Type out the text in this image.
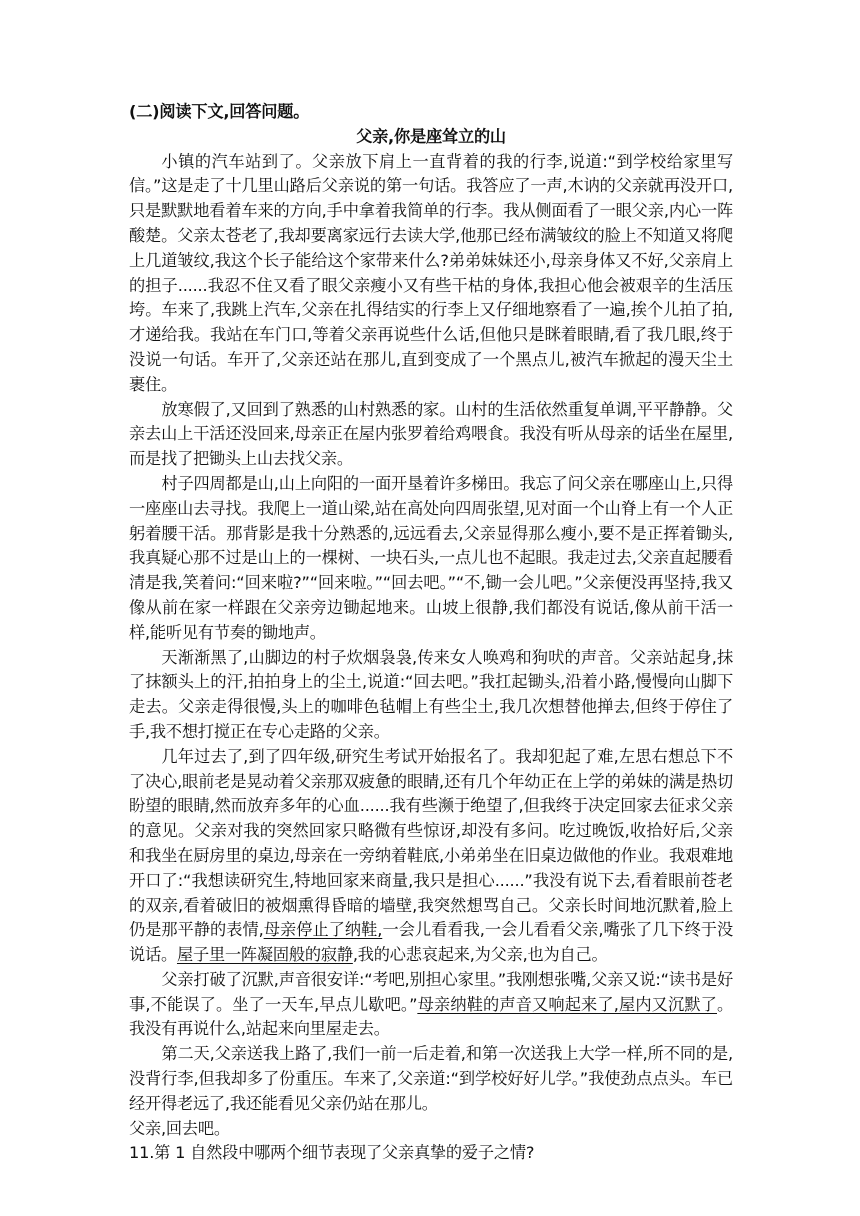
(二)阅读下文,回答问题。

父亲,你是座耸立的山

小镇的汽车站到了。父亲放下肩上一直背着的我的行李,说道:“到学校给家里写信。”这是走了十几里山路后父亲说的第一句话。我答应了一声,木讷的父亲就再没开口,只是默默地看着车来的方向,手中拿着我简单的行李。我从侧面看了一眼父亲,内心一阵酸楚。父亲太苍老了,我却要离家远行去读大学,他那已经布满皱纹的脸上不知道又将爬上几道皱纹,我这个长子能给这个家带来什么?弟弟妹妹还小,母亲身体又不好,父亲肩上的担子......我忍不住又看了眼父亲瘦小又有些干枯的身体,我担心他会被艰辛的生活压垮。车来了,我跳上汽车,父亲在扎得结实的行李上又仔细地察看了一遍,挨个儿拍了拍,才递给我。我站在车门口,等着父亲再说些什么话,但他只是眯着眼睛,看了我几眼,终于没说一句话。车开了,父亲还站在那儿,直到变成了一个黑点儿,被汽车掀起的漫天尘土裹住。

放寒假了,又回到了熟悉的山村熟悉的家。山村的生活依然重复单调,平平静静。父亲去山上干活还没回来,母亲正在屋内张罗着给鸡喂食。我没有听从母亲的话坐在屋里,而是找了把锄头上山去找父亲。

村子四周都是山,山上向阳的一面开垦着许多梯田。我忘了问父亲在哪座山上,只得一座座山去寻找。我爬上一道山梁,站在高处向四周张望,见对面一个山脊上有一个人正躬着腰干活。那背影是我十分熟悉的,远远看去,父亲显得那么瘦小,要不是正挥着锄头,我真疑心那不过是山上的一棵树、一块石头,一点儿也不起眼。我走过去,父亲直起腰看清是我,笑着问:“回来啦?”“回来啦。”“回去吧。”“不,锄一会儿吧。”父亲便没再坚持,我又像从前在家一样跟在父亲旁边锄起地来。山坡上很静,我们都没有说话,像从前干活一样,能听见有节奏的锄地声。

天渐渐黑了,山脚边的村子炊烟袅袅,传来女人唤鸡和狗吠的声音。父亲站起身,抹了抹额头上的汗,拍拍身上的尘土,说道:“回去吧。”我扛起锄头,沿着小路,慢慢向山脚下走去。父亲走得很慢,头上的咖啡色毡帽上有些尘土,我几次想替他掸去,但终于停住了手,我不想打搅正在专心走路的父亲。

几年过去了,到了四年级,研究生考试开始报名了。我却犯起了难,左思右想总下不了决心,眼前老是晃动着父亲那双疲惫的眼睛,还有几个年幼正在上学的弟妹的满是热切盼望的眼睛,然而放弃多年的心血......我有些濒于绝望了,但我终于决定回家去征求父亲的意见。父亲对我的突然回家只略微有些惊讶,却没有多问。吃过晚饭,收拾好后,父亲和我坐在厨房里的桌边,母亲在一旁纳着鞋底,小弟弟坐在旧桌边做他的作业。我艰难地开口了:“我想读研究生,特地回家来商量,我只是担心......”我没有说下去,看着眼前苍老的双亲,看着破旧的被烟熏得昏暗的墙壁,我突然想骂自己。父亲长时间地沉默着,脸上仍是那平静的表情,母亲停止了纳鞋,一会儿看看我,一会儿看看父亲,嘴张了几下终于没说话。屋子里一阵凝固般的寂静,我的心悲哀起来,为父亲,也为自己。

父亲打破了沉默,声音很安详:“考吧,别担心家里。”我刚想张嘴,父亲又说:“读书是好事,不能误了。坐了一天车,早点儿歇吧。”母亲纳鞋的声音又响起来了,屋内又沉默了。我没有再说什么,站起来向里屋走去。

第二天,父亲送我上路了,我们一前一后走着,和第一次送我上大学一样,所不同的是,没背行李,但我却多了份重压。车来了,父亲道:“到学校好好儿学。”我使劲点点头。车已经开得老远了,我还能看见父亲仍站在那儿。

父亲,回去吧。

11.第 1 自然段中哪两个细节表现了父亲真挚的爱子之情?
